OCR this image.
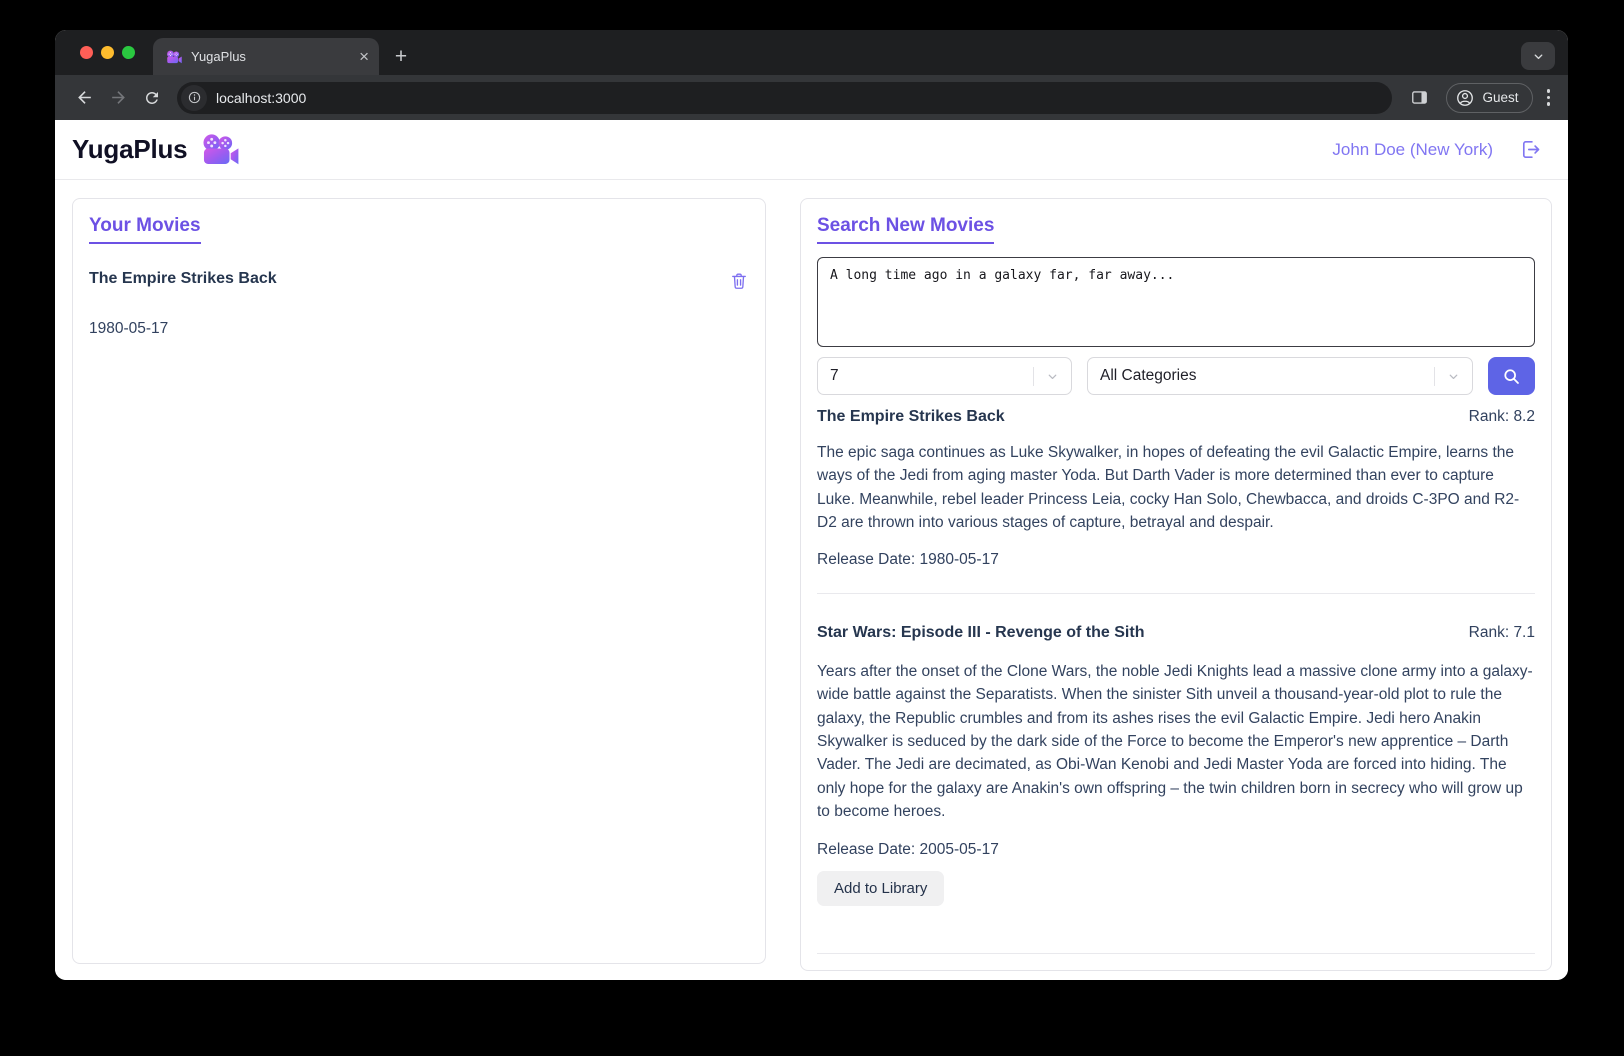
YugaPlus	×	+
localhost:3000	Guest
YugaPlus	John Doe (New York)
Your Movies
The Empire Strikes Back
1980-05-17
Search New Movies
A long time ago in a galaxy far, far away...
7	All Categories
The Empire Strikes Back	Rank: 8.2

The epic saga continues as Luke Skywalker, in hopes of defeating the evil Galactic Empire, learns the ways of the Jedi from aging master Yoda. But Darth Vader is more determined than ever to capture Luke. Meanwhile, rebel leader Princess Leia, cocky Han Solo, Chewbacca, and droids C-3PO and R2-D2 are thrown into various stages of capture, betrayal and despair.

Release Date: 1980-05-17
Star Wars: Episode III - Revenge of the Sith	Rank: 7.1

Years after the onset of the Clone Wars, the noble Jedi Knights lead a massive clone army into a galaxy-wide battle against the Separatists. When the sinister Sith unveil a thousand-year-old plot to rule the galaxy, the Republic crumbles and from its ashes rises the evil Galactic Empire. Jedi hero Anakin Skywalker is seduced by the dark side of the Force to become the Emperor's new apprentice – Darth Vader. The Jedi are decimated, as Obi-Wan Kenobi and Jedi Master Yoda are forced into hiding. The only hope for the galaxy are Anakin's own offspring – the twin children born in secrecy who will grow up to become heroes.

Release Date: 2005-05-17
Add to Library
